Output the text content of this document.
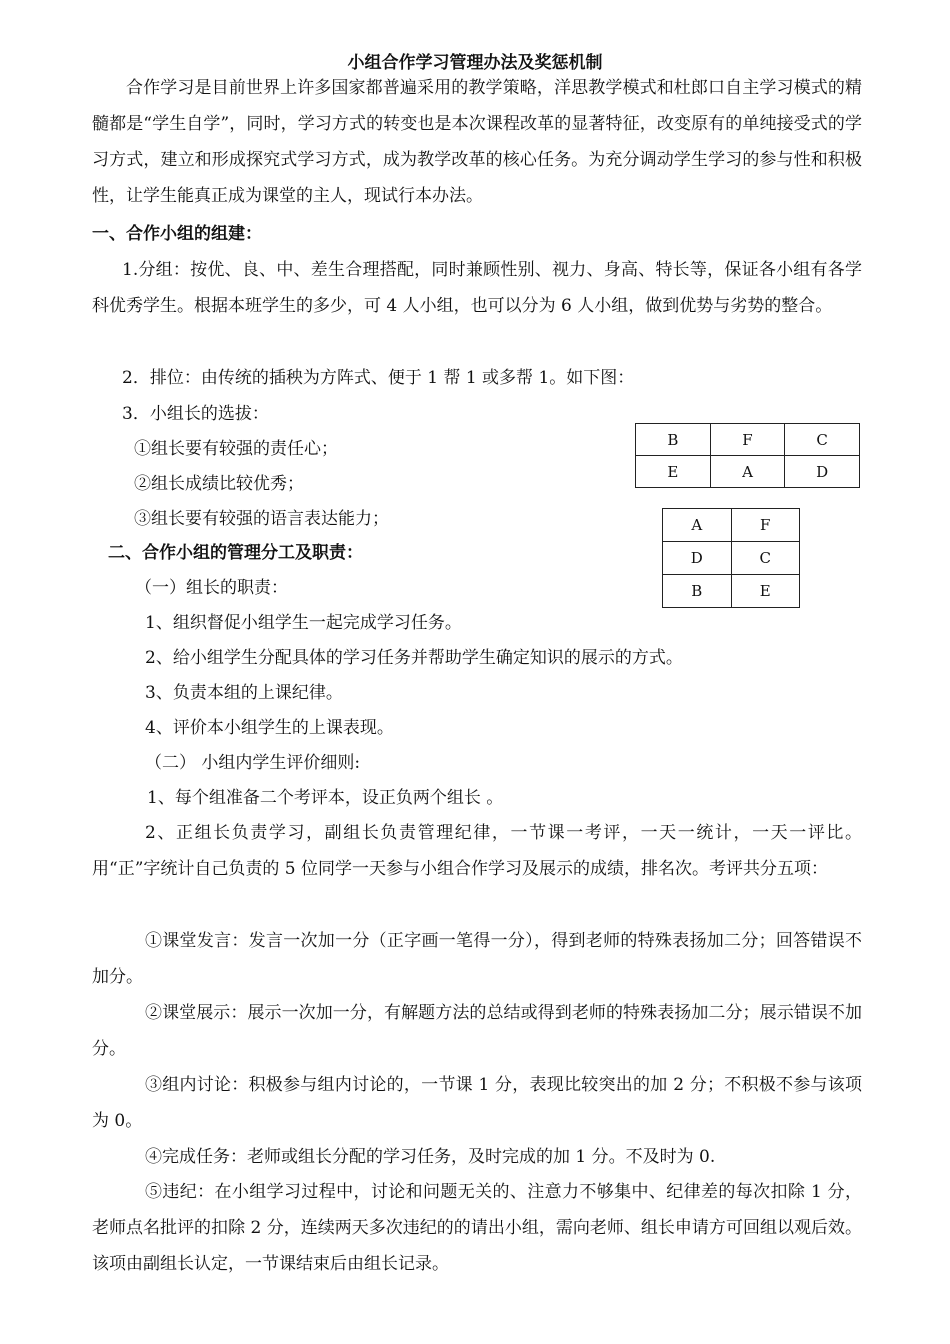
小组合作学习管理办法及奖惩机制

合作学习是目前世界上许多国家都普遍采用的教学策略，洋思教学模式和杜郎口自主学习模式的精髓都是“学生自学”，同时，学习方式的转变也是本次课程改革的显著特征，改变原有的单纯接受式的学习方式，建立和形成探究式学习方式，成为教学改革的核心任务。为充分调动学生学习的参与性和积极性，让学生能真正成为课堂的主人，现试行本办法。

一、合作小组的组建：

1.分组：按优、良、中、差生合理搭配，同时兼顾性别、视力、身高、特长等，保证各小组有各学科优秀学生。根据本班学生的多少，可 4 人小组，也可以分为 6 人小组，做到优势与劣势的整合。

2．排位：由传统的插秧为方阵式、便于 1 帮 1 或多帮 1。如下图：
3．小组长的选拔：
①组长要有较强的责任心；
②组长成绩比较优秀；
③组长要有较强的语言表达能力；
B	F	C
E	A	D
A	F
D	C
B	E
二、合作小组的管理分工及职责：
（一）组长的职责：
1、组织督促小组学生一起完成学习任务。
2、给小组学生分配具体的学习任务并帮助学生确定知识的展示的方式。
3、负责本组的上课纪律。
4、评价本小组学生的上课表现。
（二） 小组内学生评价细则:
1、每个组准备二个考评本，设正负两个组长 。

2、正组长负责学习，副组长负责管理纪律，一节课一考评，一天一统计，一天一评比。用“正”字统计自己负责的 5 位同学一天参与小组合作学习及展示的成绩，排名次。考评共分五项：

①课堂发言：发言一次加一分（正字画一笔得一分），得到老师的特殊表扬加二分；回答错误不加分。

②课堂展示：展示一次加一分，有解题方法的总结或得到老师的特殊表扬加二分；展示错误不加分。

③组内讨论：积极参与组内讨论的，一节课 1 分，表现比较突出的加 2 分；不积极不参与该项为 0。

④完成任务：老师或组长分配的学习任务，及时完成的加 1 分。不及时为 0.

⑤违纪：在小组学习过程中，讨论和问题无关的、注意力不够集中、纪律差的每次扣除 1 分，老师点名批评的扣除 2 分，连续两天多次违纪的的请出小组，需向老师、组长申请方可回组以观后效。该项由副组长认定，一节课结束后由组长记录。
